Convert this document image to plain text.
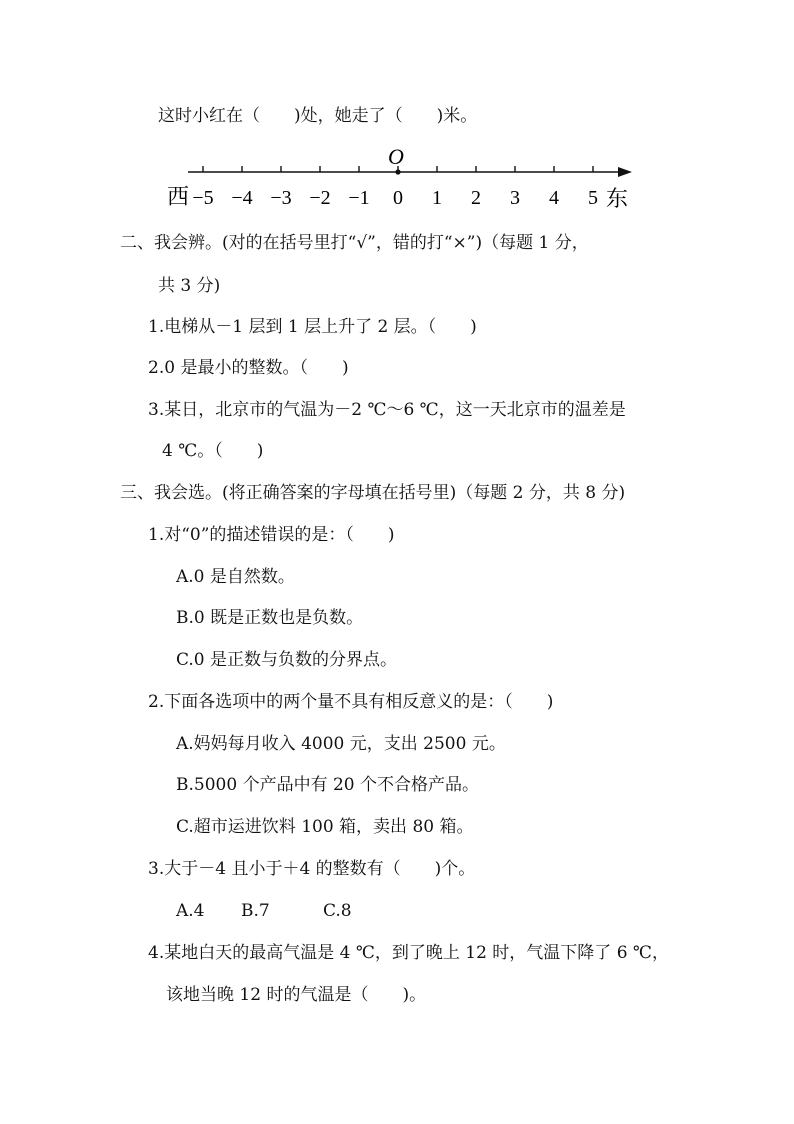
这时小红在（　　)处，她走了（　　)米。
O
−5 −4 −3 −2 −1 0 1 2 3 4 5
西	东
二、我会辨。(对的在括号里打“√”，错的打“×”)（每题 1 分，
共 3 分)
1.电梯从－1 层到 1 层上升了 2 层。（　　)
2.0 是最小的整数。（　　)
3.某日，北京市的气温为－2 ℃～6 ℃，这一天北京市的温差是
4 ℃。（　　)
三、我会选。(将正确答案的字母填在括号里)（每题 2 分，共 8 分)
1.对“0”的描述错误的是：（　　)
A.0 是自然数。
B.0 既是正数也是负数。
C.0 是正数与负数的分界点。
2.下面各选项中的两个量不具有相反意义的是：（　　)
A.妈妈每月收入 4000 元，支出 2500 元。
B.5000 个产品中有 20 个不合格产品。
C.超市运进饮料 100 箱，卖出 80 箱。
3.大于－4 且小于＋4 的整数有（　　)个。
A.4 B.7	C.8
4.某地白天的最高气温是 4 ℃，到了晚上 12 时，气温下降了 6 ℃，
该地当晚 12 时的气温是（　　)。
